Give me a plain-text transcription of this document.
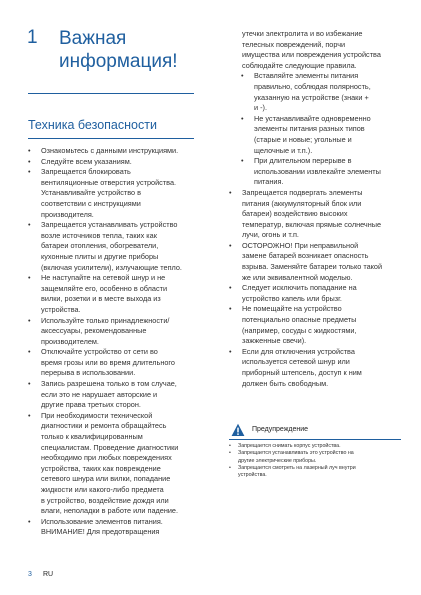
1 Важная
информация!
Техника безопасности
• Ознакомьтесь с данными инструкциями.
• Следуйте всем указаниям.
• Запрещается блокировать
вентиляционные отверстия устройства.
Устанавливайте устройство в
соответствии с инструкциями
производителя.
• Запрещается устанавливать устройство
возле источников тепла, таких как
батареи отопления, обогреватели,
кухонные плиты и другие приборы
(включая усилители), излучающие тепло.
• Не наступайте на сетевой шнур и не
защемляйте его, особенно в области
вилки, розетки и в месте выхода из
устройства.
• Используйте только принадлежности/
аксессуары, рекомендованные
производителем.
• Отключайте устройство от сети во
время грозы или во время длительного
перерыва в использовании.
• Запись разрешена только в том случае,
если это не нарушает авторские и
другие права третьих сторон.
• При необходимости технической
диагностики и ремонта обращайтесь
только к квалифицированным
специалистам. Проведение диагностики
необходимо при любых повреждениях
устройства, таких как повреждение
сетевого шнура или вилки, попадание
жидкости или какого-либо предмета
в устройство, воздействие дождя или
влаги, неполадки в работе или падение.
• Использование элементов питания.
ВНИМАНИЕ! Для предотвращения
утечки электролита и во избежание
телесных повреждений, порчи
имущества или повреждения устройства
соблюдайте следующие правила.
• Вставляйте элементы питания
правильно, соблюдая полярность,
указанную на устройстве (знаки +
и -).
• Не устанавливайте одновременно
элементы питания разных типов
(старые и новые; угольные и
щелочные и т.п.).
• При длительном перерыве в
использовании извлекайте элементы
питания.
• Запрещается подвергать элементы
питания (аккумуляторный блок или
батареи) воздействию высоких
температур, включая прямые солнечные
лучи, огонь и т.п.
• ОСТОРОЖНО! При неправильной
замене батарей возникает опасность
взрыва. Заменяйте батареи только такой
же или эквивалентной моделью.
• Следует исключить попадание на
устройство капель или брызг.
• Не помещайте на устройство
потенциально опасные предметы
(например, сосуды с жидкостями,
зажженные свечи).
• Если для отключения устройства
используется сетевой шнур или
приборный штепсель, доступ к ним
должен быть свободным.
Предупреждение
• Запрещается снимать корпус устройства.
• Запрещается устанавливать это устройство на
другие электрические приборы.
• Запрещается смотреть на лазерный луч внутри
устройства.
3 RU
